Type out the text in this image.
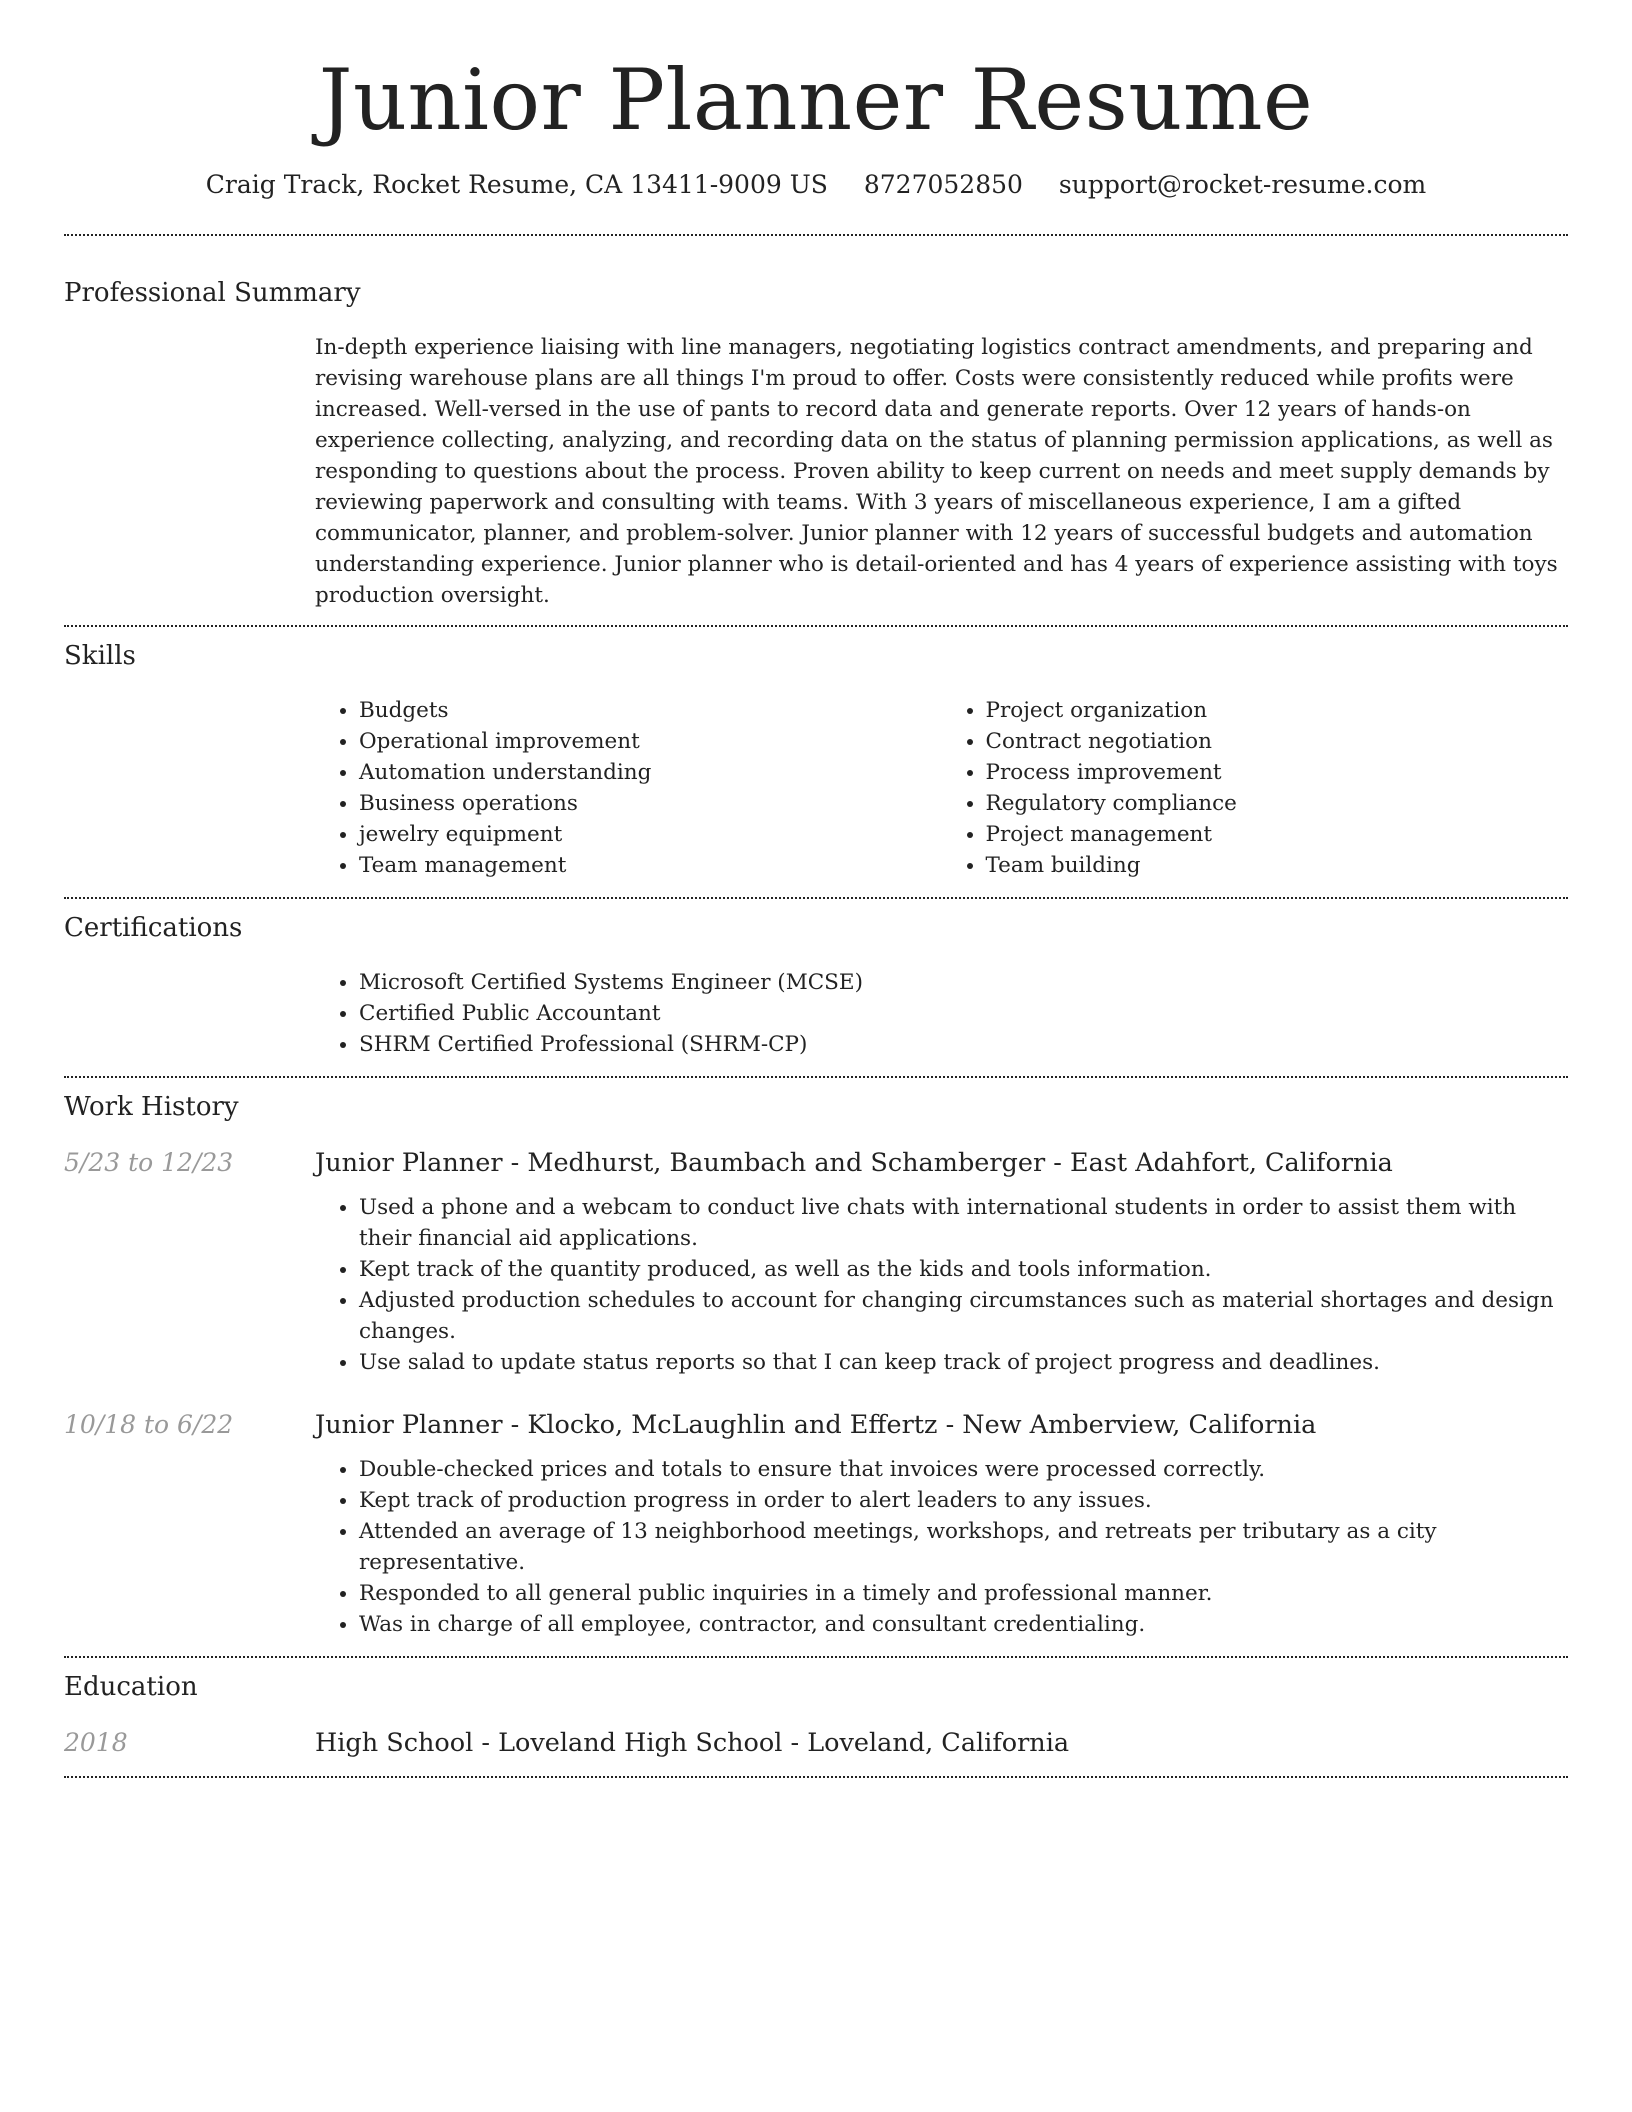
Junior Planner Resume
Craig Track, Rocket Resume, CA 13411-9009 US 8727052850 support@rocket-resume.com
Professional Summary
In-depth experience liaising with line managers, negotiating logistics contract amendments, and preparing and revising warehouse plans are all things I'm proud to offer. Costs were consistently reduced while profits were increased. Well-versed in the use of pants to record data and generate reports. Over 12 years of hands-on experience collecting, analyzing, and recording data on the status of planning permission applications, as well as responding to questions about the process. Proven ability to keep current on needs and meet supply demands by reviewing paperwork and consulting with teams. With 3 years of miscellaneous experience, I am a gifted communicator, planner, and problem-solver. Junior planner with 12 years of successful budgets and automation understanding experience. Junior planner who is detail-oriented and has 4 years of experience assisting with toys production oversight.
Skills
• Budgets
• Operational improvement
• Automation understanding
• Business operations
• jewelry equipment
• Team management
• Project organization
• Contract negotiation
• Process improvement
• Regulatory compliance
• Project management
• Team building
Certifications
• Microsoft Certified Systems Engineer (MCSE)
• Certified Public Accountant
• SHRM Certified Professional (SHRM-CP)
Work History
5/23 to 12/23	Junior Planner - Medhurst, Baumbach and Schamberger - East Adahfort, California
• Used a phone and a webcam to conduct live chats with international students in order to assist them with their financial aid applications.
• Kept track of the quantity produced, as well as the kids and tools information.
• Adjusted production schedules to account for changing circumstances such as material shortages and design changes.
• Use salad to update status reports so that I can keep track of project progress and deadlines.
10/18 to 6/22	Junior Planner - Klocko, McLaughlin and Effertz - New Amberview, California
• Double-checked prices and totals to ensure that invoices were processed correctly.
• Kept track of production progress in order to alert leaders to any issues.
• Attended an average of 13 neighborhood meetings, workshops, and retreats per tributary as a city representative.
• Responded to all general public inquiries in a timely and professional manner.
• Was in charge of all employee, contractor, and consultant credentialing.
Education
2018	High School - Loveland High School - Loveland, California
